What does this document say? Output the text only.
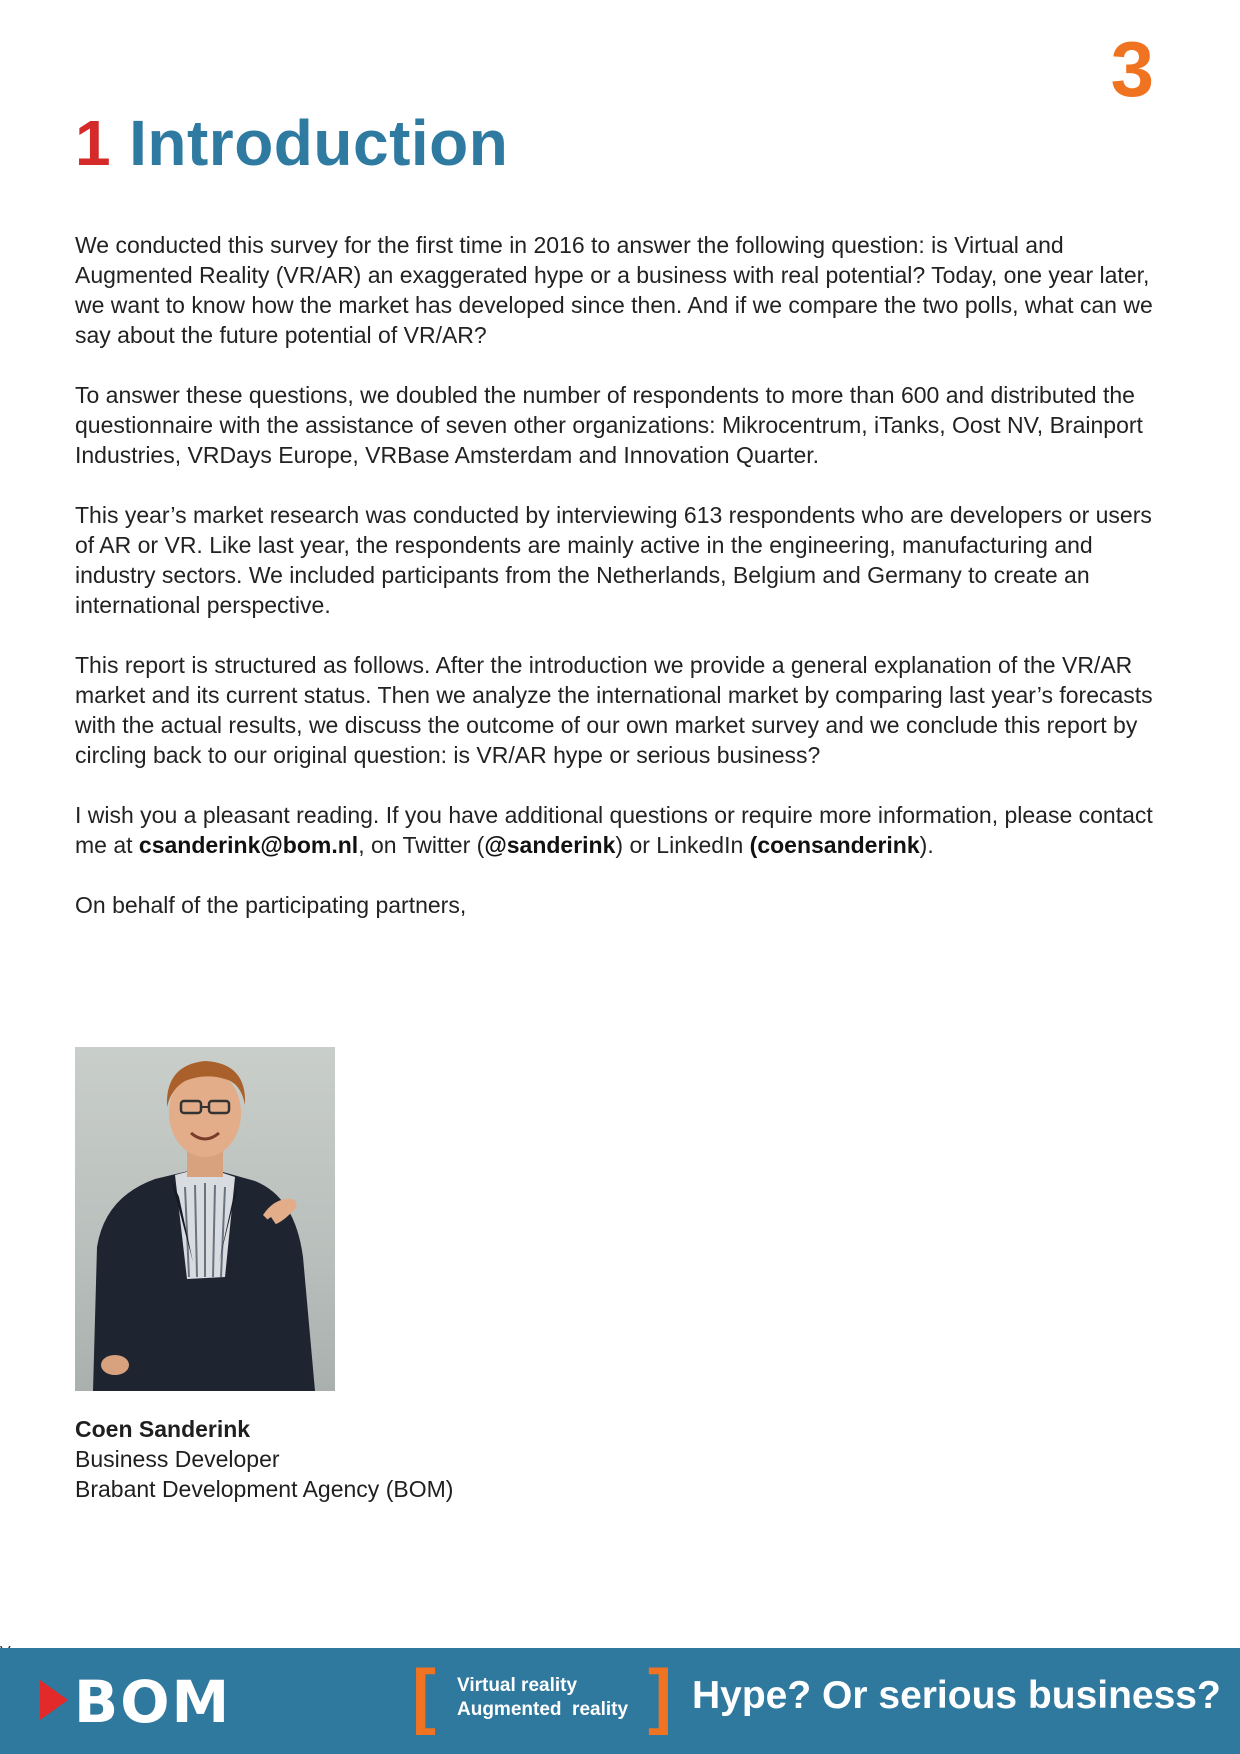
3
1 Introduction

We conducted this survey for the first time in 2016 to answer the following question: is Virtual and Augmented Reality (VR/AR) an exaggerated hype or a business with real potential? Today, one year later, we want to know how the market has developed since then. And if we compare the two polls, what can we say about the future potential of VR/AR?

To answer these questions, we doubled the number of respondents to more than 600 and distributed the questionnaire with the assistance of seven other organizations: Mikrocentrum, iTanks, Oost NV, Brainport Industries, VRDays Europe, VRBase Amsterdam and Innovation Quarter.

This year’s market research was conducted by interviewing 613 respondents who are developers or users of AR or VR. Like last year, the respondents are mainly active in the engineering, manufacturing and industry sectors. We included participants from the Netherlands, Belgium and Germany to create an international perspective.

This report is structured as follows. After the introduction we provide a general explanation of the VR/AR market and its current status. Then we analyze the international market by comparing last year’s forecasts with the actual results, we discuss the outcome of our own market survey and we conclude this report by circling back to our original question: is VR/AR hype or serious business?

I wish you a pleasant reading. If you have additional questions or require more information, please contact me at csanderink@bom.nl, on Twitter (@sanderink) or LinkedIn (coensanderink).

On behalf of the participating partners,

Coen Sanderink
Business Developer
Brabant Development Agency (BOM)
BOM	[ Virtual reality
Augmented  reality ] Hype? Or serious business?
